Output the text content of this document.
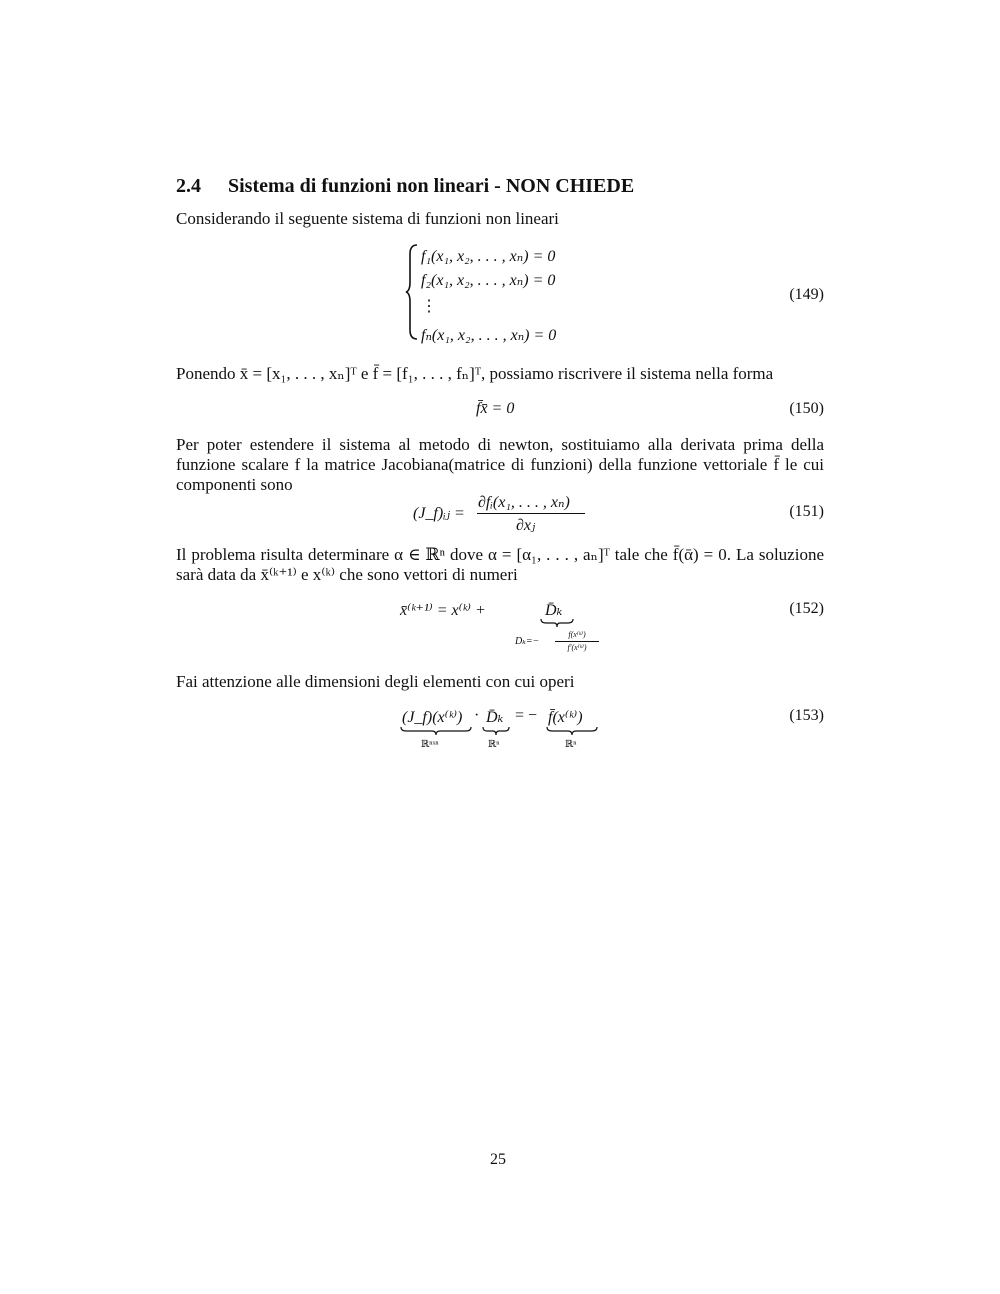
2.4 Sistema di funzioni non lineari - NON CHIEDE
Considerando il seguente sistema di funzioni non lineari
f₁(x₁, x₂, . . . , xₙ) = 0
f₂(x₁, x₂, . . . , xₙ) = 0
⋮
fₙ(x₁, x₂, . . . , xₙ) = 0
(149)
Ponendo x̄ = [x₁, . . . , xₙ]ᵀ e f̄ = [f₁, . . . , fₙ]ᵀ, possiamo riscrivere il sistema nella forma
f̄x̄ = 0	(150)
Per poter estendere il sistema al metodo di newton, sostituiamo alla derivata prima della funzione scalare f la matrice Jacobiana(matrice di funzioni) della funzione vettoriale f̄ le cui componenti sono
(J_f)ᵢⱼ =
∂fᵢ(x₁, . . . , xₙ)
∂xⱼ
(151)
Il problema risulta determinare α ∈ ℝⁿ dove α = [α₁, . . . , aₙ]ᵀ tale che f̄(ᾱ) = 0. La soluzione sarà data da x̄⁽ᵏ⁺¹⁾ e x⁽ᵏ⁾ che sono vettori di numeri
x̄⁽ᵏ⁺¹⁾ = x⁽ᵏ⁾ +	D̄ₖ
Dₖ=−
f(x⁽ᵏ⁾)
f′(x⁽ᵏ⁾)
(152)
Fai attenzione alle dimensioni degli elementi con cui operi
(J_f)(x⁽ᵏ⁾) · D̄ₖ = − f̄(x⁽ᵏ⁾)
ℝⁿˣⁿ	ℝⁿ	ℝⁿ
(153)
25
